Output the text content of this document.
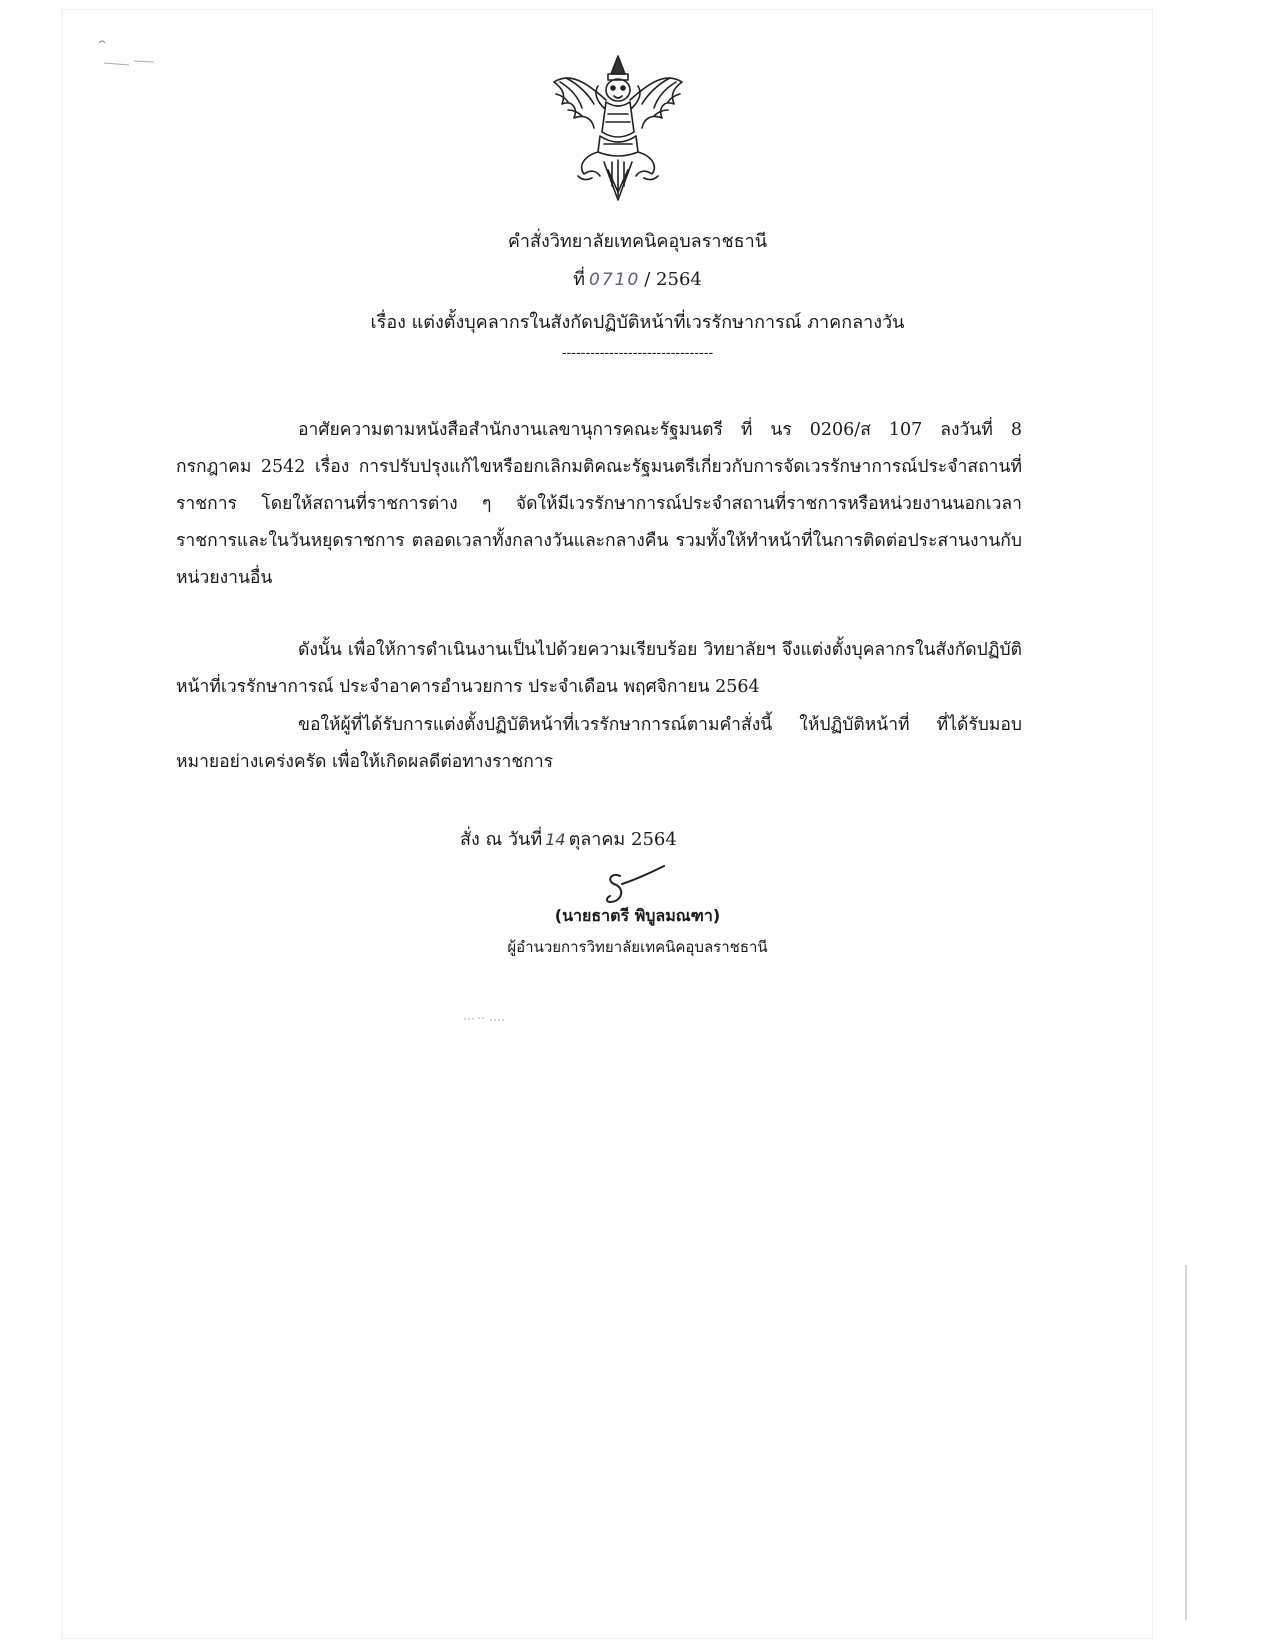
คำสั่งวิทยาลัยเทคนิคอุบลราชธานี
ที่ 0710 / 2564
เรื่อง แต่งตั้งบุคลากรในสังกัดปฏิบัติหน้าที่เวรรักษาการณ์ ภาคกลางวัน
--------------------------------
อาศัยความตามหนังสือสำนักงานเลขานุการคณะรัฐมนตรี ที่ นร 0206/ส 107 ลงวันที่ 8 กรกฎาคม 2542 เรื่อง การปรับปรุงแก้ไขหรือยกเลิกมติคณะรัฐมนตรีเกี่ยวกับการจัดเวรรักษาการณ์ประจำสถานที่ราชการ โดยให้สถานที่ราชการต่าง ๆ จัดให้มีเวรรักษาการณ์ประจำสถานที่ราชการหรือหน่วยงานนอกเวลาราชการและในวันหยุดราชการ ตลอดเวลาทั้งกลางวันและกลางคืน รวมทั้งให้ทำหน้าที่ในการติดต่อประสานงานกับหน่วยงานอื่น
ดังนั้น เพื่อให้การดำเนินงานเป็นไปด้วยความเรียบร้อย วิทยาลัยฯ จึงแต่งตั้งบุคลากรในสังกัดปฏิบัติหน้าที่เวรรักษาการณ์ ประจำอาคารอำนวยการ ประจำเดือน พฤศจิกายน 2564
ขอให้ผู้ที่ได้รับการแต่งตั้งปฏิบัติหน้าที่เวรรักษาการณ์ตามคำสั่งนี้ ให้ปฏิบัติหน้าที่ ที่ได้รับมอบหมายอย่างเคร่งครัด เพื่อให้เกิดผลดีต่อทางราชการ
สั่ง ณ วันที่ 14 ตุลาคม 2564
(นายธาตรี พิบูลมณฑา)
ผู้อำนวยการวิทยาลัยเทคนิคอุบลราชธานี
